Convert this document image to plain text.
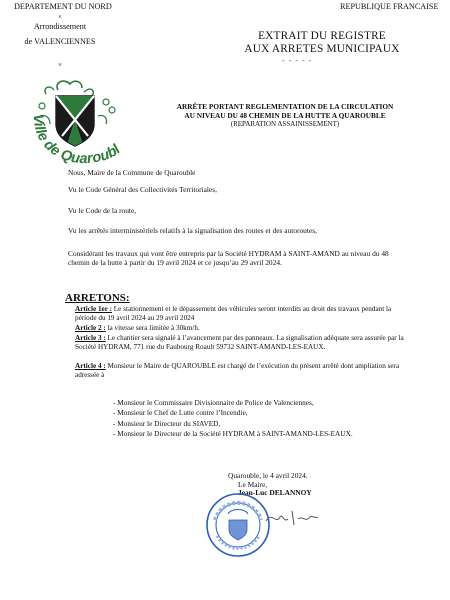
DEPARTEMENT DU NORD
×
Arrondissement
de VALENCIENNES
×
REPUBLIQUE FRANCAISE
EXTRAIT DU REGISTRE
AUX ARRETES MUNICIPAUX
- - - - -
Ville de Quaroubl
ARRÊTE PORTANT REGLEMENTATION DE LA CIRCULATION
AU NIVEAU DU 48 CHEMIN DE LA HUTTE A QUAROUBLE
(REPARATION ASSAINISSEMENT)
Nous, Maire de la Commune de Quarouble
Vu le Code Général des Collectivités Territoriales,
Vu le Code de la route,
Vu les arrêtés interministériels relatifs à la signalisation des routes et des autoroutes,
Considérant les travaux qui vont être entrepris par la Société HYDRAM à SAINT-AMAND au niveau du 48 chemin de la hutte à partir du 19 avril 2024 et ce jusqu’au 29 avril 2024.
ARRETONS:
Article 1er : Le stationnement et le dépassement des véhicules seront interdits au droit des travaux pendant la période du 19 avril 2024 au 29 avril 2024
Article 2 : la vitesse sera limitée à 30km/h.
Article 3 : Le chantier sera signalé à l’avancement par des panneaux. La signalisation adéquate sera assurée par la Société HYDRAM, 771 rue du Faubourg Roault 59732 SAINT-AMAND-LES-EAUX.
Article 4 : Monsieur le Maire de QUAROUBLE est chargé de l’exécution du présent arrêté dont ampliation sera adressée à
- Monsieur le Commissaire Divisionnaire de Police de Valenciennes,
- Monsieur le Chef de Lutte contre l’Incendie,
- Monsieur le Directeur du SIAVED,
- Monsieur le Directeur de la Société HYDRAM à SAINT-AMAND-LES-EAUX.
Quarouble, le 4 avril 2024.
Le Maire,
Jean-Luc DELANNOY
